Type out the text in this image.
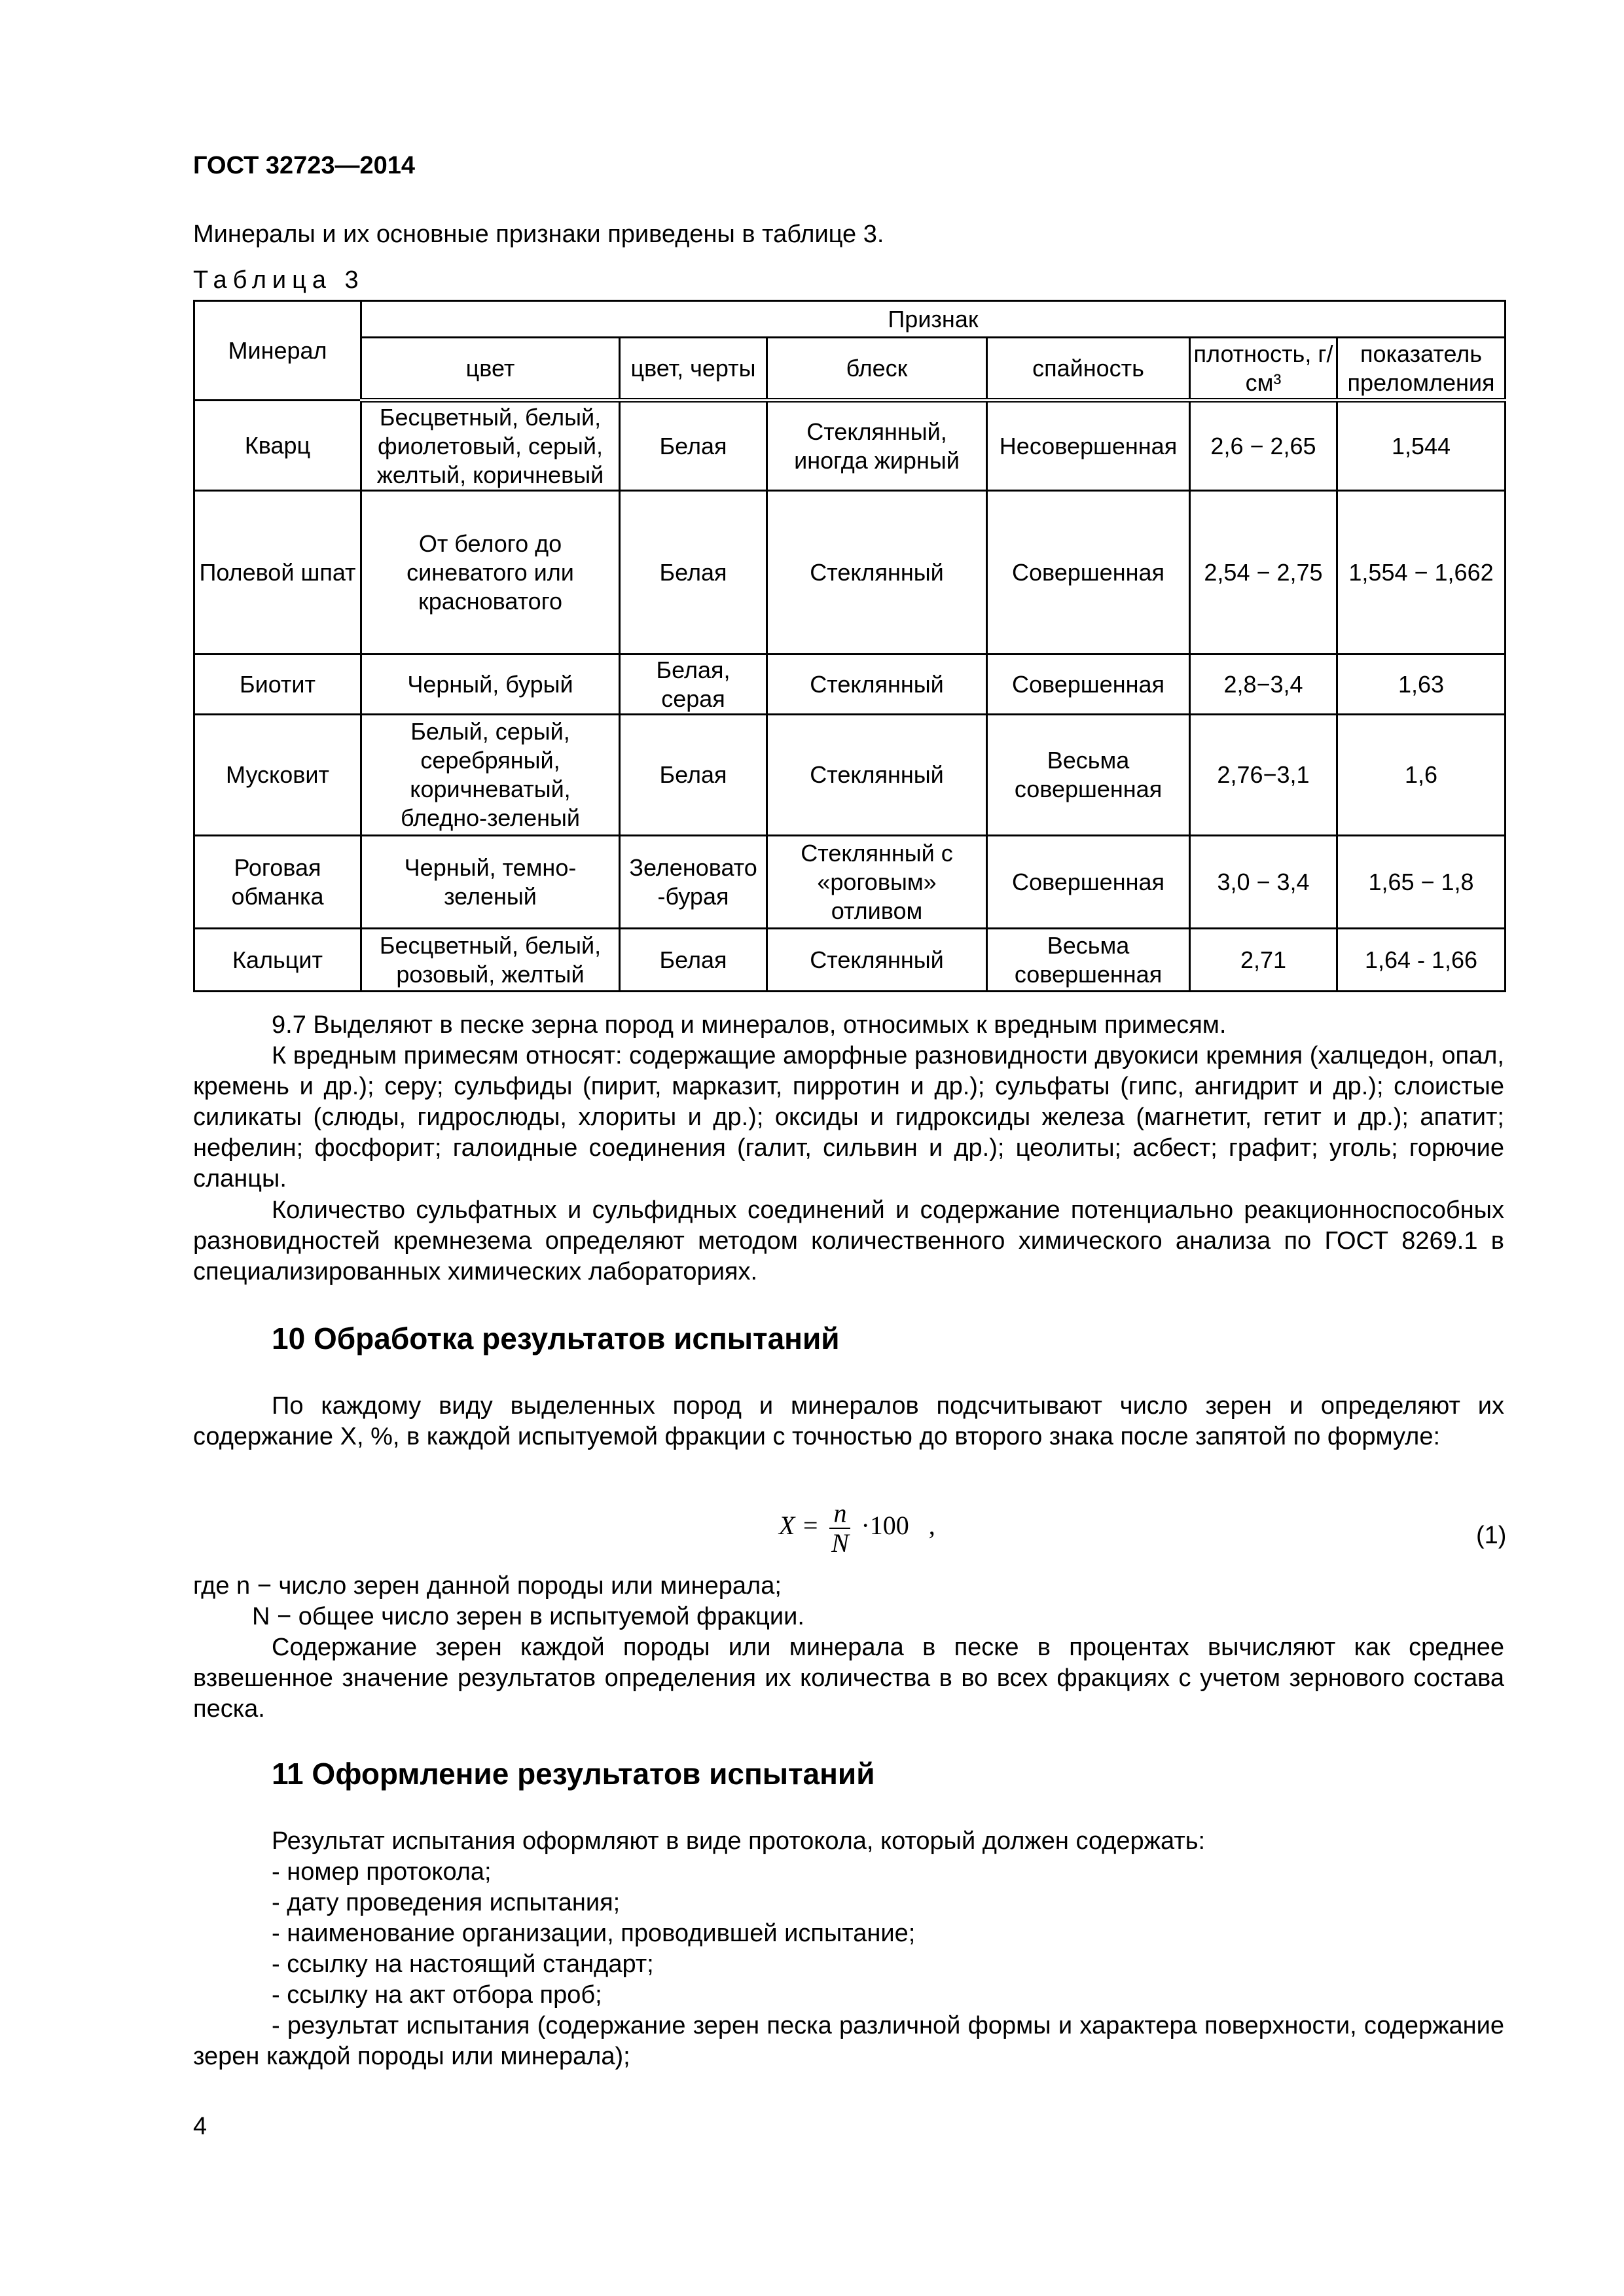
ГОСТ 32723—2014
Минералы и их основные признаки приведены в таблице 3.
Таблица 3
Минерал	Признак					
	цвет	цвет, черты	блеск	спайность	плотность, г/см³	показатель преломления
Кварц	Бесцветный, белый, фиолетовый, серый, желтый, коричневый	Белая	Стеклянный, иногда жирный	Несовершенная	2,6 − 2,65	1,544
Полевой шпат	От белого до синеватого или красноватого	Белая	Стеклянный	Совершенная	2,54 − 2,75	1,554 − 1,662
Биотит	Черный, бурый	Белая, серая	Стеклянный	Совершенная	2,8−3,4	1,63
Мусковит	Белый, серый, серебряный, коричневатый, бледно-зеленый	Белая	Стеклянный	Весьма совершенная	2,76−3,1	1,6
Роговая обманка	Черный, темно-зеленый	Зеленовато -бурая	Стеклянный с «роговым» отливом	Совершенная	3,0 − 3,4	1,65 − 1,8
Кальцит	Бесцветный, белый, розовый, желтый	Белая	Стеклянный	Весьма совершенная	2,71	1,64 - 1,66
9.7 Выделяют в песке зерна пород и минералов, относимых к вредным примесям.
К вредным примесям относят: содержащие аморфные разновидности двуокиси кремния (халцедон, опал, кремень и др.); серу; сульфиды (пирит, марказит, пирротин и др.); сульфаты (гипс, ангидрит и др.); слоистые силикаты (слюды, гидрослюды, хлориты и др.); оксиды и гидроксиды железа (магнетит, гетит и др.); апатит; нефелин; фосфорит; галоидные соединения (галит, сильвин и др.); цеолиты; асбест; графит; уголь; горючие сланцы.
Количество сульфатных и сульфидных соединений и содержание потенциально реакционноспособных разновидностей кремнезема определяют методом количественного химического анализа по ГОСТ 8269.1 в специализированных химических лабораториях.
10 Обработка результатов испытаний
По каждому виду выделенных пород и минералов подсчитывают число зерен и определяют их содержание X, %, в каждой испытуемой фракции с точностью до второго знака после запятой по формуле:
$X = \frac{n}{N} \cdot 100$ ,	(1)
где n − число зерен данной породы или минерала;
N − общее число зерен в испытуемой фракции.
Содержание зерен каждой породы или минерала в песке в процентах вычисляют как среднее взвешенное значение результатов определения их количества в во всех фракциях с учетом зернового состава песка.
11 Оформление результатов испытаний
Результат испытания оформляют в виде протокола, который должен содержать:
- номер протокола;
- дату проведения испытания;
- наименование организации, проводившей испытание;
- ссылку на настоящий стандарт;
- ссылку на акт отбора проб;
- результат испытания (содержание зерен песка различной формы и характера поверхности, содержание зерен каждой породы или минерала);
4
